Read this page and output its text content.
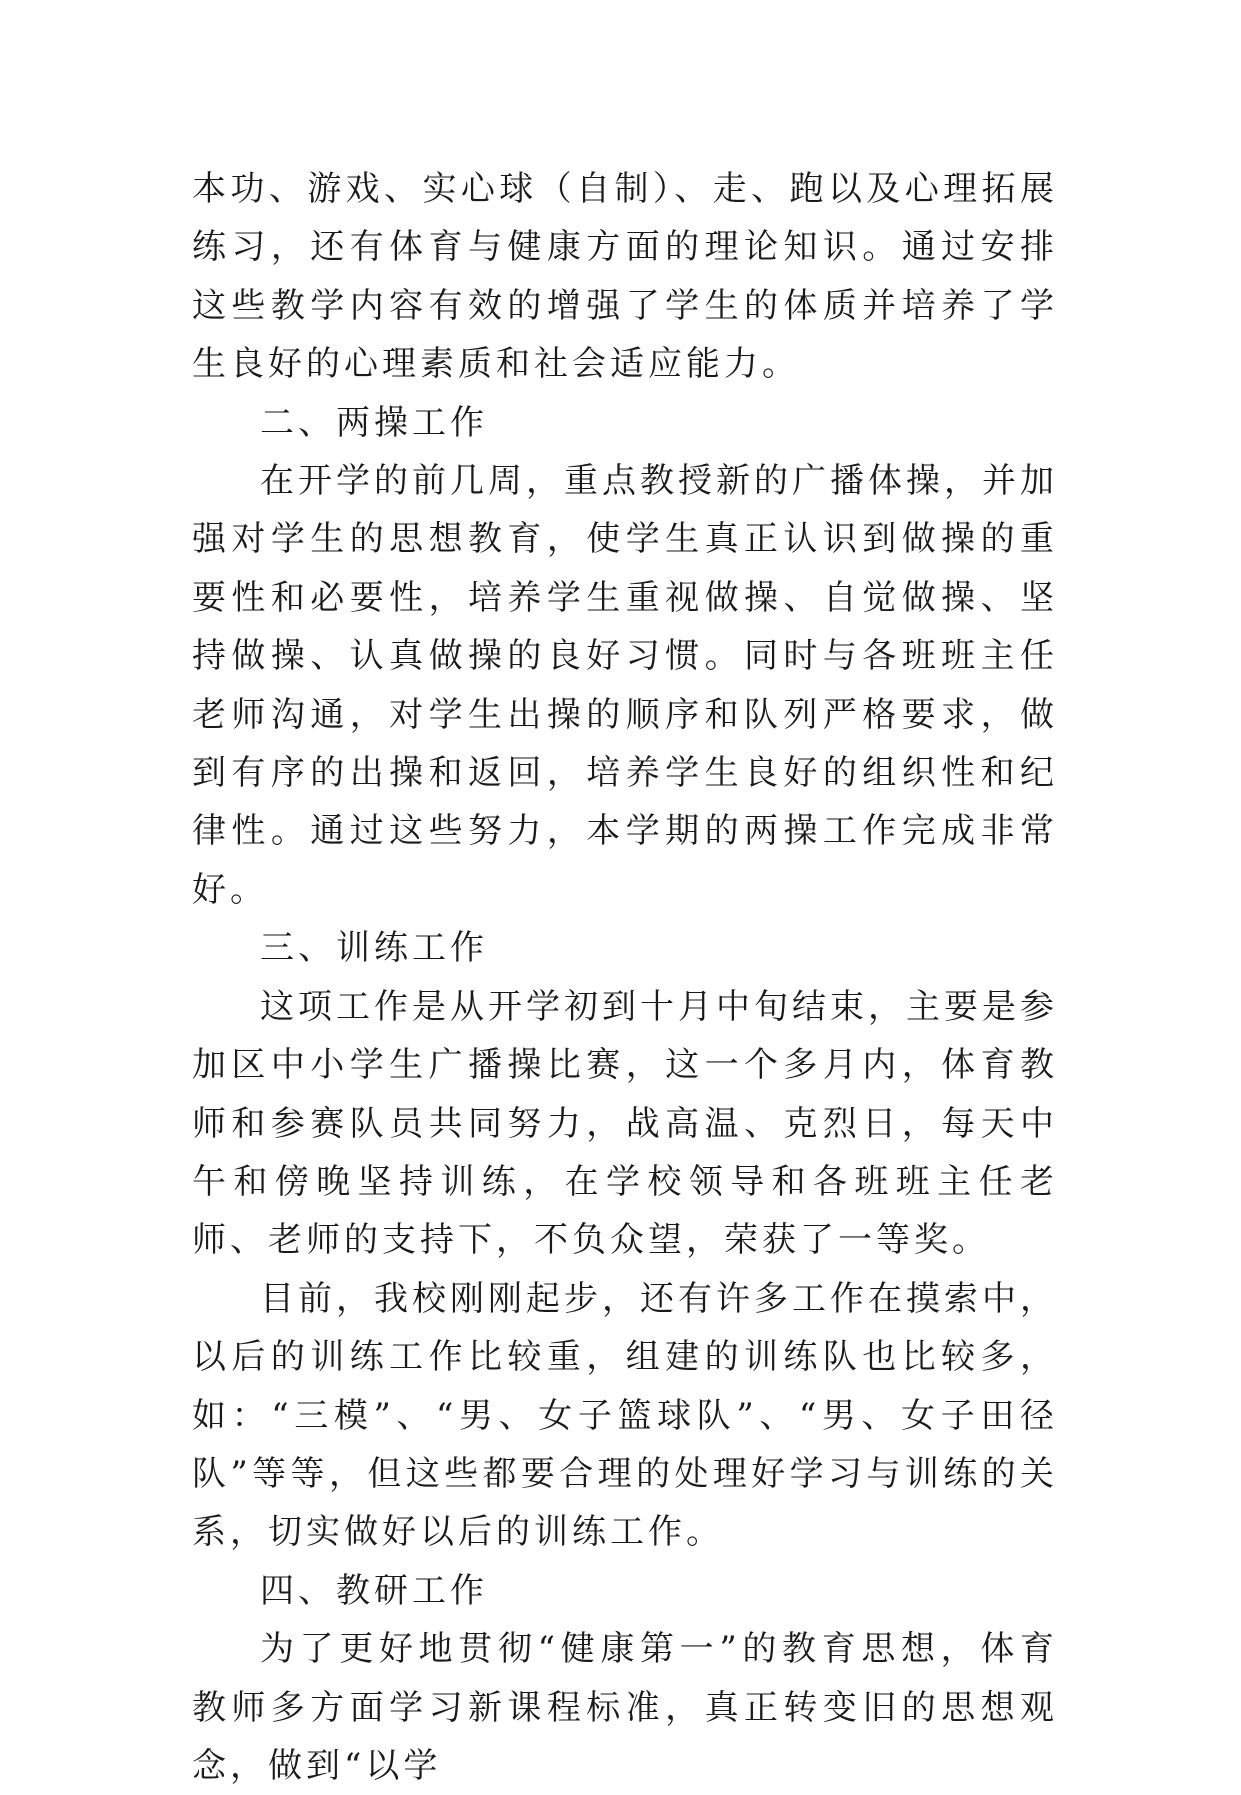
本功、游戏、实心球（自制）、走、跑以及心理拓展练习，还有体育与健康方面的理论知识。通过安排这些教学内容有效的增强了学生的体质并培养了学生良好的心理素质和社会适应能力。

二、两操工作

在开学的前几周，重点教授新的广播体操，并加强对学生的思想教育，使学生真正认识到做操的重要性和必要性，培养学生重视做操、自觉做操、坚持做操、认真做操的良好习惯。同时与各班班主任老师沟通，对学生出操的顺序和队列严格要求，做到有序的出操和返回，培养学生良好的组织性和纪律性。通过这些努力，本学期的两操工作完成非常好。

三、训练工作

这项工作是从开学初到十月中旬结束，主要是参加区中小学生广播操比赛，这一个多月内，体育教师和参赛队员共同努力，战高温、克烈日，每天中午和傍晚坚持训练，在学校领导和各班班主任老师、老师的支持下，不负众望，荣获了一等奖。

目前，我校刚刚起步，还有许多工作在摸索中，以后的训练工作比较重，组建的训练队也比较多，如：“三模”、“男、女子篮球队”、“男、女子田径队”等等，但这些都要合理的处理好学习与训练的关系，切实做好以后的训练工作。

四、教研工作

为了更好地贯彻“健康第一”的教育思想，体育教师多方面学习新课程标准，真正转变旧的思想观念，做到“以学
